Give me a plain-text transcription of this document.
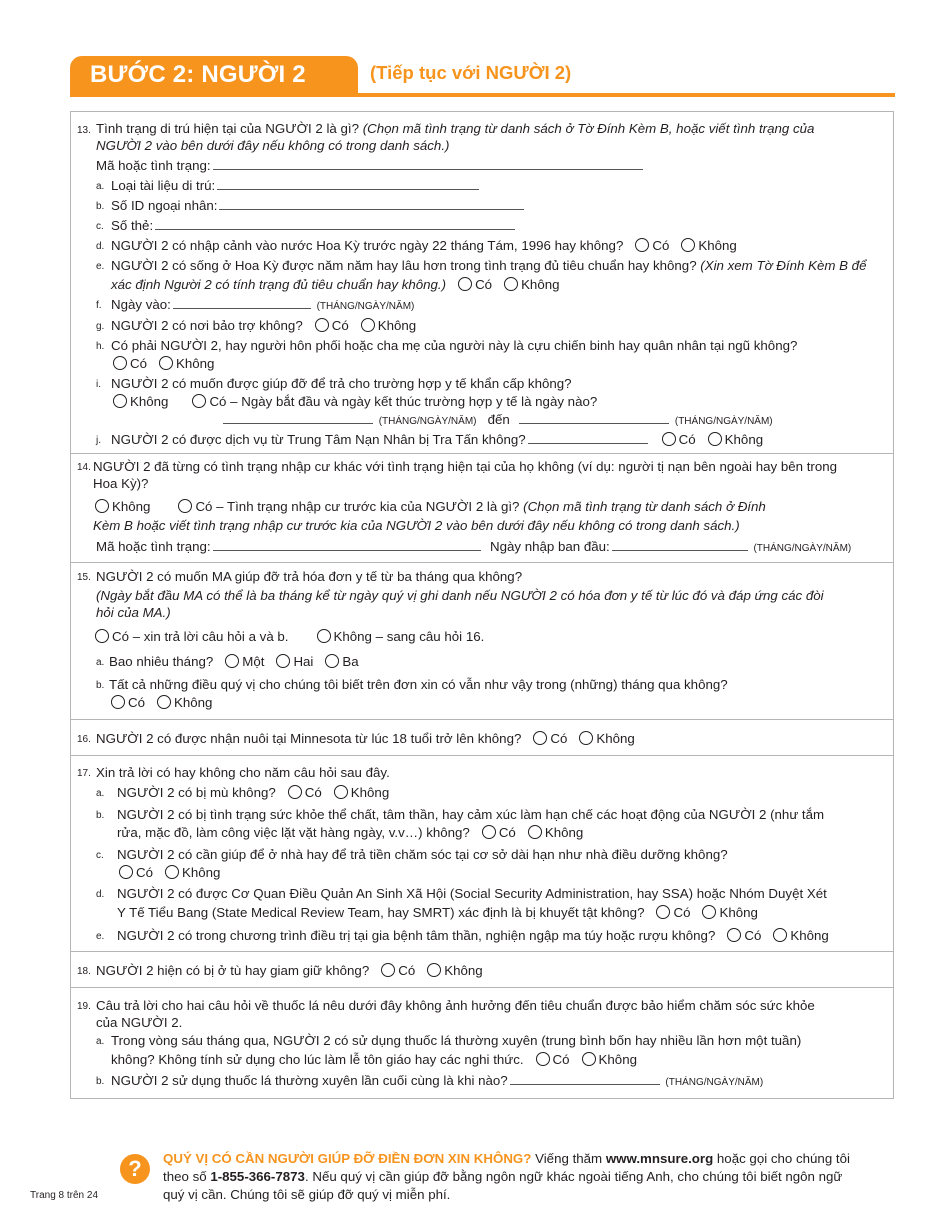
BƯỚC 2: NGƯỜI 2	(Tiếp tục với NGƯỜI 2)
13. Tình trạng di trú hiện tại của NGƯỜI 2 là gì? (Chọn mã tình trạng từ danh sách ở Tờ Đính Kèm B, hoặc viết tình trạng của
NGƯỜI 2 vào bên dưới đây nếu không có trong danh sách.)
Mã hoặc tình trạng:
a. Loại tài liệu di trú:
b. Số ID ngoại nhân:
c. Số thẻ:
d. NGƯỜI 2 có nhập cảnh vào nước Hoa Kỳ trước ngày 22 tháng Tám, 1996 hay không? Có Không
e. NGƯỜI 2 có sống ở Hoa Kỳ được năm năm hay lâu hơn trong tình trạng đủ tiêu chuẩn hay không? (Xin xem Tờ Đính Kèm B để
xác định Người 2 có tính trạng đủ tiêu chuẩn hay không.) Có Không
f. Ngày vào:	(THÁNG/NGÀY/NĂM)
g. NGƯỜI 2 có nơi bảo trợ không? Có Không
h. Có phải NGƯỜI 2, hay người hôn phối hoặc cha mẹ của người này là cựu chiến binh hay quân nhân tại ngũ không?
Có Không
i. NGƯỜI 2 có muốn được giúp đỡ để trả cho trường hợp y tế khẩn cấp không?
Không	Có – Ngày bắt đầu và ngày kết thúc trường hợp y tế là ngày nào?
(THÁNG/NGÀY/NĂM) đến	(THÁNG/NGÀY/NĂM)
j. NGƯỜI 2 có được dịch vụ từ Trung Tâm Nạn Nhân bị Tra Tấn không?	Có Không
14. NGƯỜI 2 đã từng có tình trạng nhập cư khác với tình trạng hiện tại của họ không (ví dụ: người tị nạn bên ngoài hay bên trong
Hoa Kỳ)?
Không	Có – Tình trạng nhập cư trước kia của NGƯỜI 2 là gì? (Chọn mã tình trạng từ danh sách ở Đính
Kèm B hoặc viết tình trạng nhập cư trước kia của NGƯỜI 2 vào bên dưới đây nếu không có trong danh sách.)
Mã hoặc tình trạng:	Ngày nhập ban đầu:	(THÁNG/NGÀY/NĂM)
15. NGƯỜI 2 có muốn MA giúp đỡ trả hóa đơn y tế từ ba tháng qua không?
(Ngày bắt đầu MA có thể là ba tháng kể từ ngày quý vị ghi danh nếu NGƯỜI 2 có hóa đơn y tế từ lúc đó và đáp ứng các đòi
hỏi của MA.)
Có – xin trả lời câu hỏi a và b.	Không – sang câu hỏi 16.
a. Bao nhiêu tháng? Một Hai Ba
b. Tất cả những điều quý vị cho chúng tôi biết trên đơn xin có vẫn như vậy trong (những) tháng qua không?
Có Không
16. NGƯỜI 2 có được nhận nuôi tại Minnesota từ lúc 18 tuổi trở lên không? Có Không
17. Xin trả lời có hay không cho năm câu hỏi sau đây.
a. NGƯỜI 2 có bị mù không? Có Không
b. NGƯỜI 2 có bị tình trạng sức khỏe thể chất, tâm thần, hay cảm xúc làm hạn chế các hoạt động của NGƯỜI 2 (như tắm
rửa, mặc đồ, làm công việc lặt vặt hàng ngày, v.v…) không? Có Không
c. NGƯỜI 2 có cần giúp để ở nhà hay để trả tiền chăm sóc tại cơ sở dài hạn như nhà điều dưỡng không?
Có Không
d. NGƯỜI 2 có được Cơ Quan Điều Quản An Sinh Xã Hội (Social Security Administration, hay SSA) hoặc Nhóm Duyệt Xét
Y Tế Tiểu Bang (State Medical Review Team, hay SMRT) xác định là bị khuyết tật không? Có Không
e. NGƯỜI 2 có trong chương trình điều trị tại gia bệnh tâm thần, nghiện ngập ma túy hoặc rượu không? Có Không
18. NGƯỜI 2 hiện có bị ở tù hay giam giữ không? Có Không
19. Câu trả lời cho hai câu hỏi về thuốc lá nêu dưới đây không ảnh hưởng đến tiêu chuẩn được bảo hiểm chăm sóc sức khỏe
của NGƯỜI 2.
a. Trong vòng sáu tháng qua, NGƯỜI 2 có sử dụng thuốc lá thường xuyên (trung bình bốn hay nhiều lần hơn một tuần)
không? Không tính sử dụng cho lúc làm lễ tôn giáo hay các nghi thức. Có Không
b. NGƯỜI 2 sử dụng thuốc lá thường xuyên lần cuối cùng là khi nào?	(THÁNG/NGÀY/NĂM)
?	QUÝ VỊ CÓ CẦN NGƯỜI GIÚP ĐỠ ĐIỀN ĐƠN XIN KHÔNG? Viếng thăm www.mnsure.org hoặc gọi cho chúng tôi theo số 1-855-366-7873. Nếu quý vị cần giúp đỡ bằng ngôn ngữ khác ngoài tiếng Anh, cho chúng tôi biết ngôn ngữ quý vị cần. Chúng tôi sẽ giúp đỡ quý vị miễn phí.
Trang 8 trên 24
